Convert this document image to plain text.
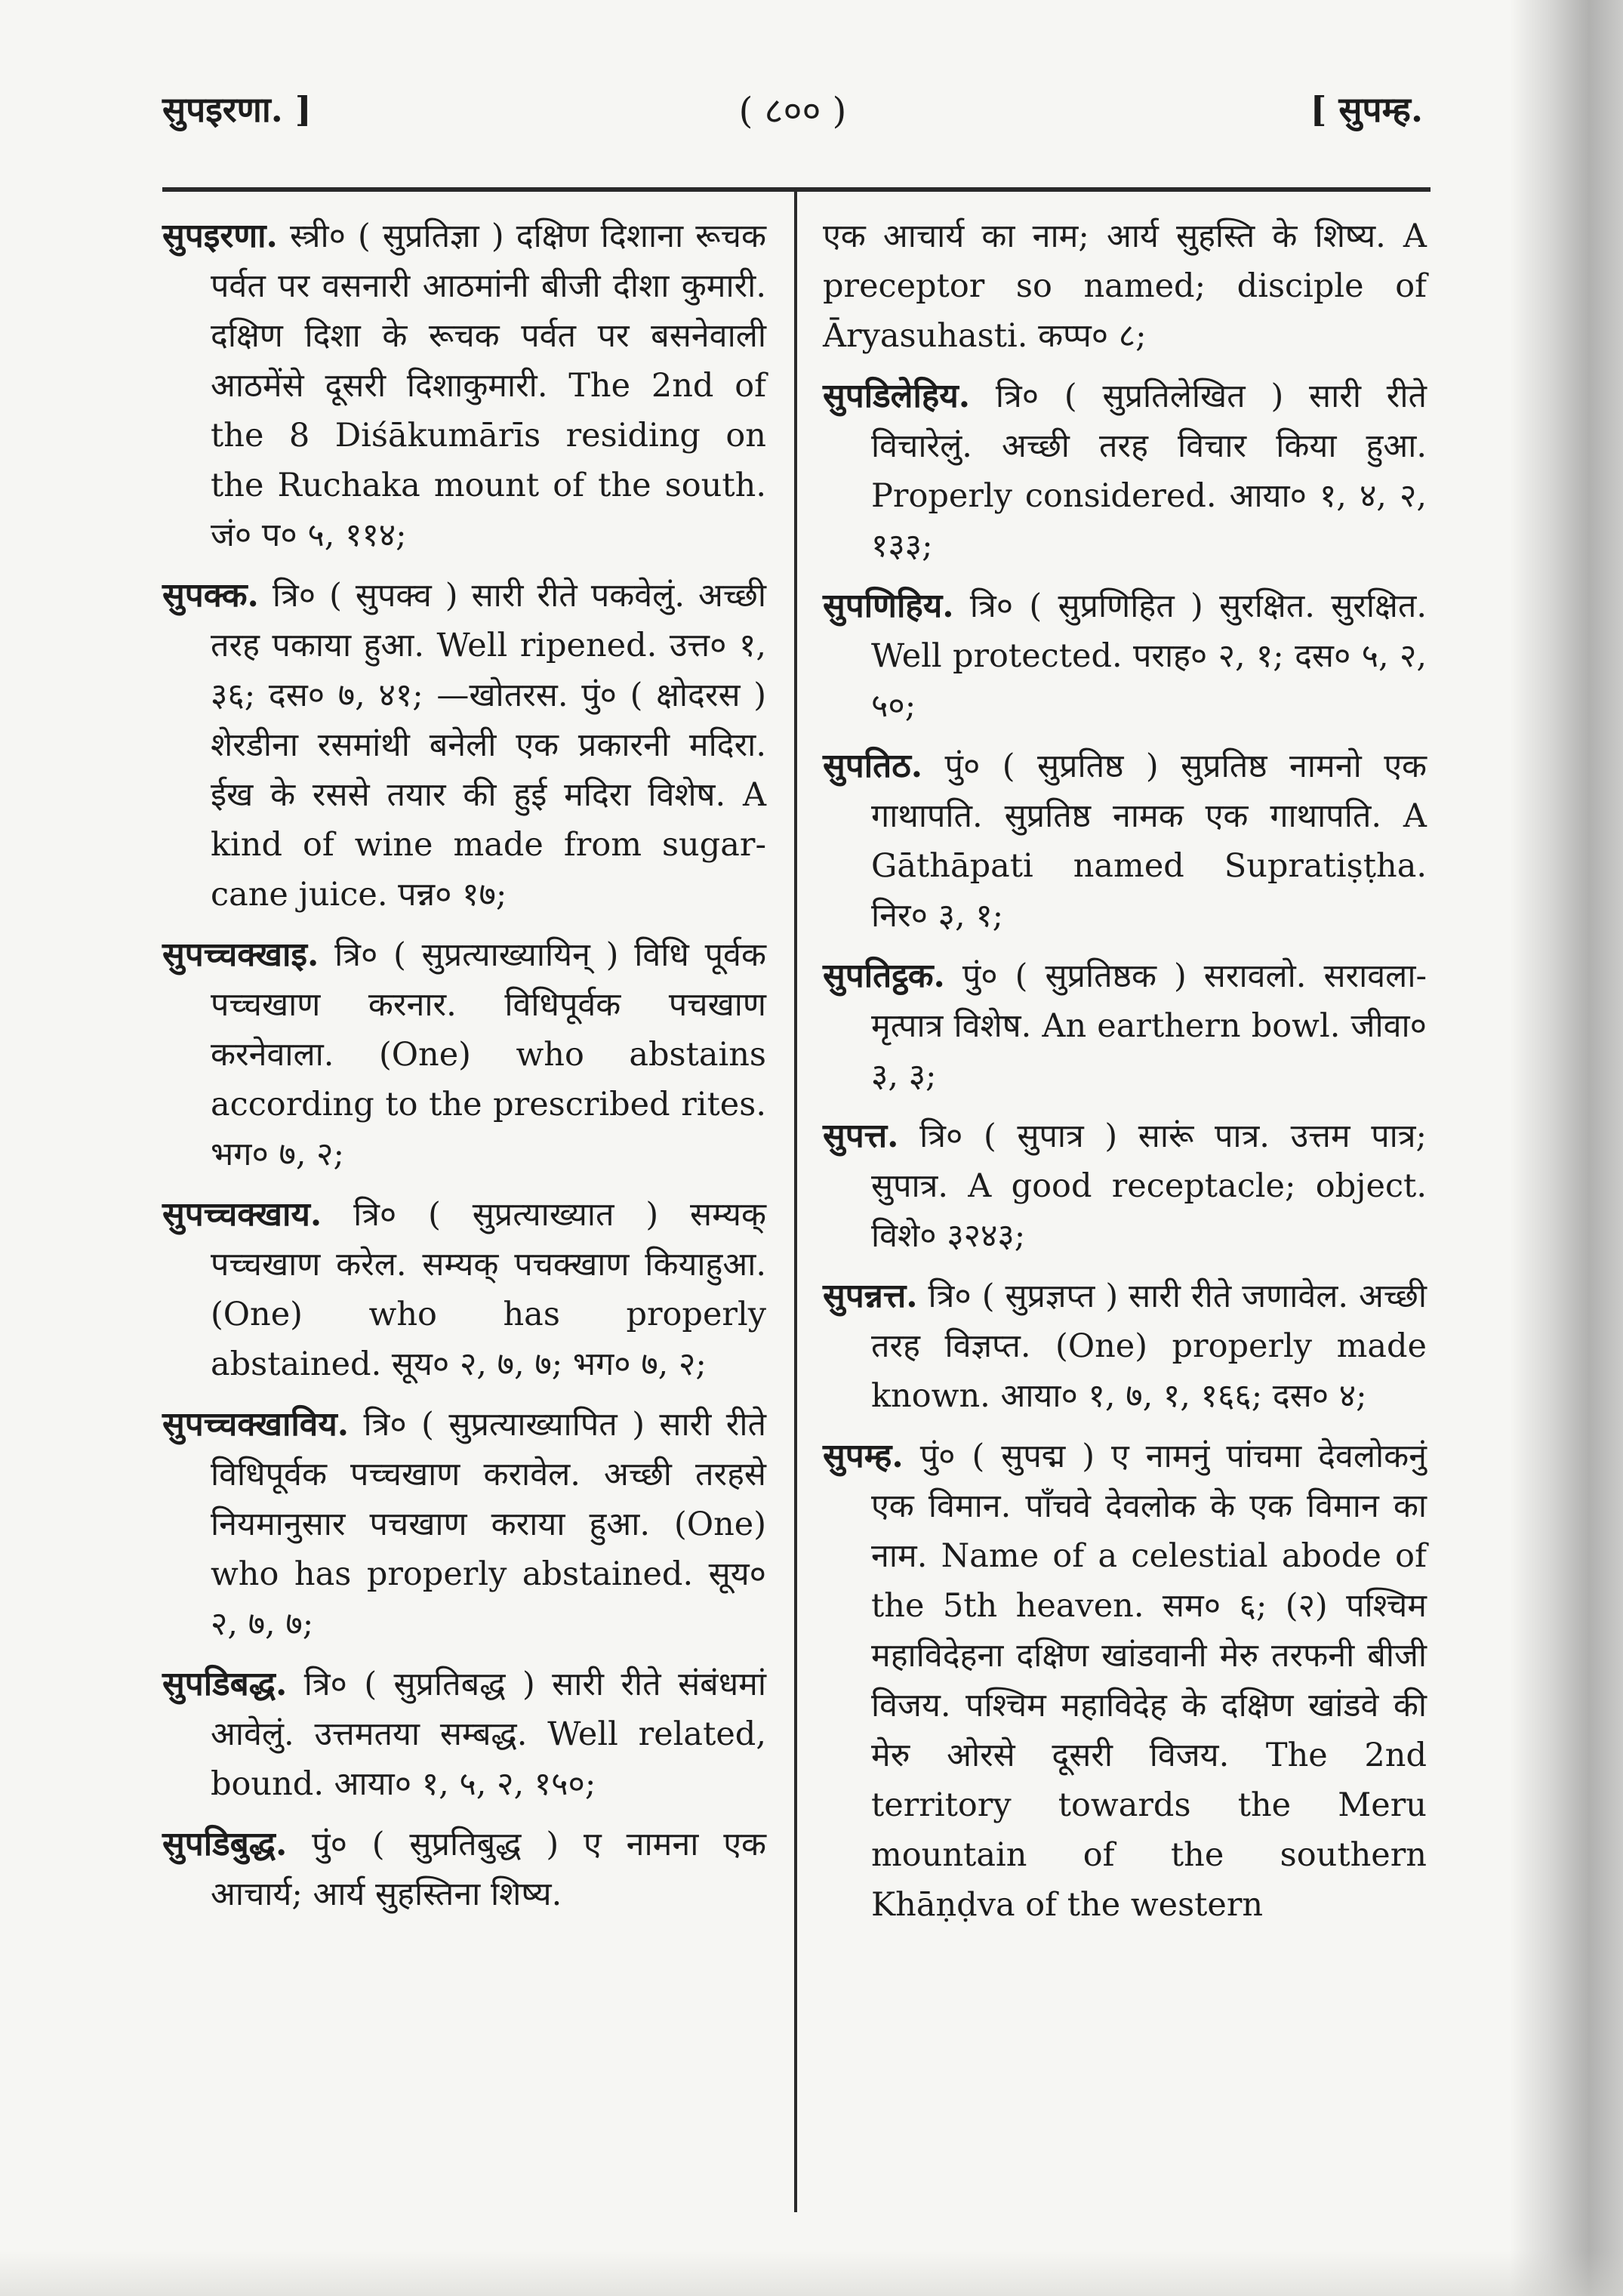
सुपइरणा. ]	( ८०० )	[ सुपम्ह.

सुपइरणा. स्त्री० ( सुप्रतिज्ञा ) दक्षिण दिशाना रूचक पर्वत पर वसनारी आठमांनी बीजी दीशा कुमारी. दक्षिण दिशा के रूचक पर्वत पर बसनेवाली आठमेंसे दूसरी दिशाकुमारी. The 2nd of the 8 Diśākumārīs residing on the Ruchaka mount of the south. जं० प० ५, ११४;

सुपक्क. त्रि० ( सुपक्व ) सारी रीते पकवेलुं. अच्छी तरह पकाया हुआ. Well ripened. उत्त० १, ३६; दस० ७, ४१; —खोतरस. पुं० ( क्षोदरस ) शेरडीना रसमांथी बनेली एक प्रकारनी मदिरा. ईख के रससे तयार की हुई मदिरा विशेष. A kind of wine made from sugar-cane juice. पन्न० १७;

सुपच्चक्खाइ. त्रि० ( सुप्रत्याख्यायिन् ) विधि पूर्वक पच्चखाण करनार. विधिपूर्वक पचखाण करनेवाला. (One) who abstains according to the prescribed rites. भग० ७, २;

सुपच्चक्खाय. त्रि० ( सुप्रत्याख्यात ) सम्यक् पच्चखाण करेल. सम्यक् पचक्खाण कियाहुआ. (One) who has properly abstained. सूय० २, ७, ७; भग० ७, २;

सुपच्चक्खाविय. त्रि० ( सुप्रत्याख्यापित ) सारी रीते विधिपूर्वक पच्चखाण करावेल. अच्छी तरहसे नियमानुसार पचखाण कराया हुआ. (One) who has properly abstained. सूय० २, ७, ७;

सुपडिबद्ध. त्रि० ( सुप्रतिबद्ध ) सारी रीते संबंधमां आवेलुं. उत्तमतया सम्बद्ध. Well related, bound. आया० १, ५, २, १५०;

सुपडिबुद्ध. पुं० ( सुप्रतिबुद्ध ) ए नामना एक आचार्य; आर्य सुहस्तिना शिष्य.

एक आचार्य का नाम; आर्य सुहस्ति के शिष्य. A preceptor so named; disciple of Āryasuhasti. कप्प० ८;

सुपडिलेहिय. त्रि० ( सुप्रतिलेखित ) सारी रीते विचारेलुं. अच्छी तरह विचार किया हुआ. Properly considered. आया० १, ४, २, १३३;

सुपणिहिय. त्रि० ( सुप्रणिहित ) सुरक्षित. सुरक्षित. Well protected. पराह० २, १; दस० ५, २, ५०;

सुपतिठ. पुं० ( सुप्रतिष्ठ ) सुप्रतिष्ठ नामनो एक गाथापति. सुप्रतिष्ठ नामक एक गाथापति. A Gāthāpati named Supratiṣṭha. निर० ३, १;

सुपतिट्ठक. पुं० ( सुप्रतिष्ठक ) सरावलो. सरावला-मृत्पात्र विशेष. An earthern bowl. जीवा० ३, ३;

सुपत्त. त्रि० ( सुपात्र ) सारूं पात्र. उत्तम पात्र; सुपात्र. A good receptacle; object. विशे० ३२४३;

सुपन्नत्त. त्रि० ( सुप्रज्ञप्त ) सारी रीते जणावेल. अच्छी तरह विज्ञप्त. (One) properly made known. आया० १, ७, १, १६६; दस० ४;

सुपम्ह. पुं० ( सुपद्म ) ए नामनुं पांचमा देवलोकनुं एक विमान. पाँचवे देवलोक के एक विमान का नाम. Name of a celestial abode of the 5th heaven. सम० ६; (२) पश्चिम महाविदेहना दक्षिण खांडवानी मेरु तरफनी बीजी विजय. पश्चिम महाविदेह के दक्षिण खांडवे की मेरु ओरसे दूसरी विजय. The 2nd territory towards the Meru mountain of the southern Khāṇḍva of the western
